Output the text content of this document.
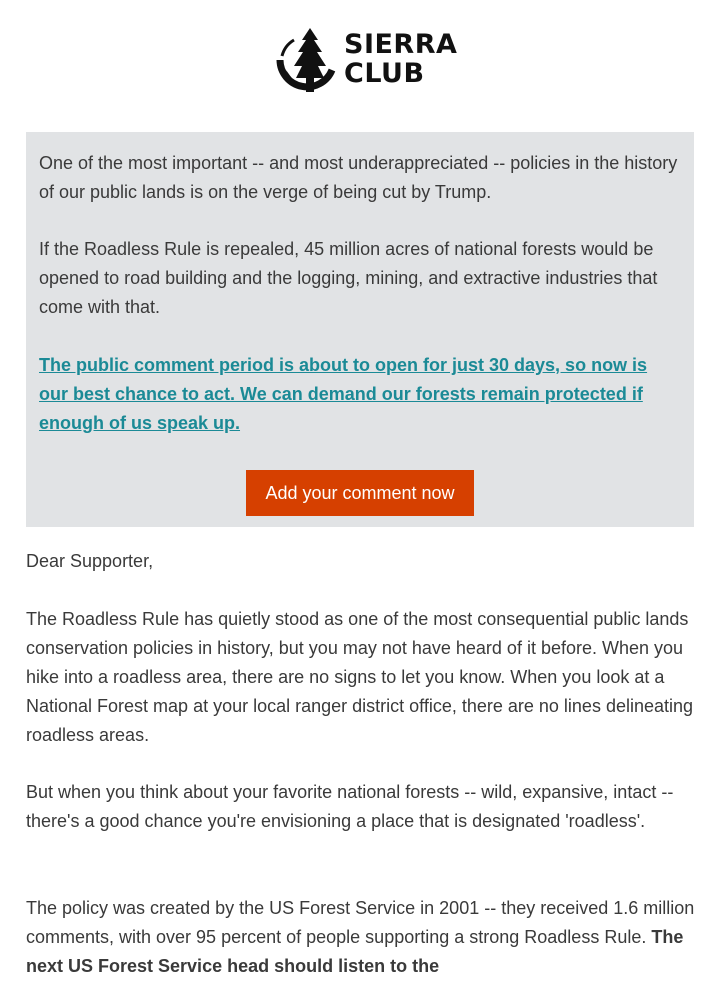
SIERRA
CLUB

One of the most important -- and most underappreciated -- policies in the history of our public lands is on the verge of being cut by Trump.

If the Roadless Rule is repealed, 45 million acres of national forests would be opened to road building and the logging, mining, and extractive industries that come with that.

The public comment period is about to open for just 30 days, so now is our best chance to act. We can demand our forests remain protected if enough of us speak up.

Add your comment now

Dear Supporter,

The Roadless Rule has quietly stood as one of the most consequential public lands conservation policies in history, but you may not have heard of it before. When you hike into a roadless area, there are no signs to let you know. When you look at a National Forest map at your local ranger district office, there are no lines delineating roadless areas.

But when you think about your favorite national forests -- wild, expansive, intact -- there's a good chance you're envisioning a place that is designated 'roadless'.

The policy was created by the US Forest Service in 2001 -- they received 1.6 million comments, with over 95 percent of people supporting a strong Roadless Rule. The next US Forest Service head should listen to the
